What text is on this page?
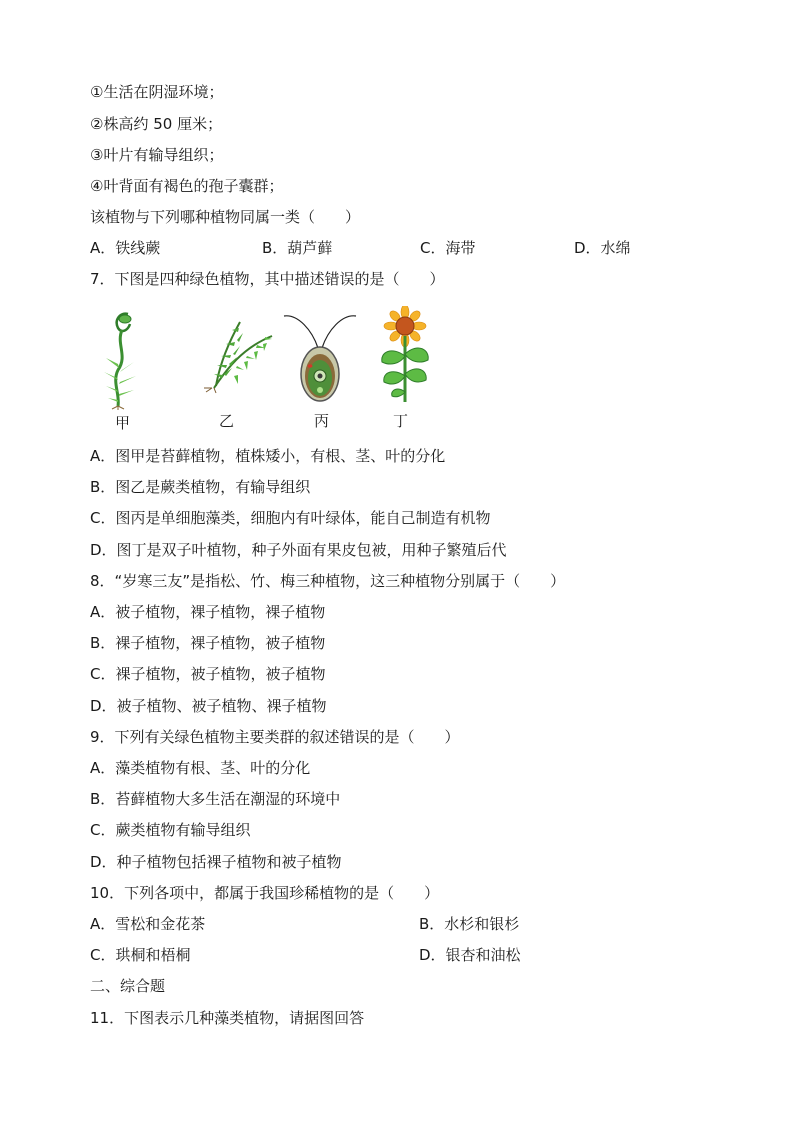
①生活在阴湿环境；
②株高约 50 厘米；
③叶片有输导组织；
④叶背面有褐色的孢子囊群；
该植物与下列哪种植物同属一类（　　）
A．铁线蕨	B．葫芦藓	C．海带	D．水绵
7．下图是四种绿色植物，其中描述错误的是（　　）
甲	乙	丙	丁
A．图甲是苔藓植物，植株矮小，有根、茎、叶的分化
B．图乙是蕨类植物，有输导组织
C．图丙是单细胞藻类，细胞内有叶绿体，能自己制造有机物
D．图丁是双子叶植物，种子外面有果皮包被，用种子繁殖后代
8．“岁寒三友”是指松、竹、梅三种植物，这三种植物分别属于（　　）
A．被子植物，裸子植物，裸子植物
B．裸子植物，裸子植物，被子植物
C．裸子植物，被子植物，被子植物
D．被子植物、被子植物、裸子植物
9．下列有关绿色植物主要类群的叙述错误的是（　　）
A．藻类植物有根、茎、叶的分化
B．苔藓植物大多生活在潮湿的环境中
C．蕨类植物有输导组织
D．种子植物包括裸子植物和被子植物
10．下列各项中，都属于我国珍稀植物的是（　　）
A．雪松和金花茶	B．水杉和银杉
C．珙桐和梧桐	D．银杏和油松
二、综合题
11．下图表示几种藻类植物，请据图回答
